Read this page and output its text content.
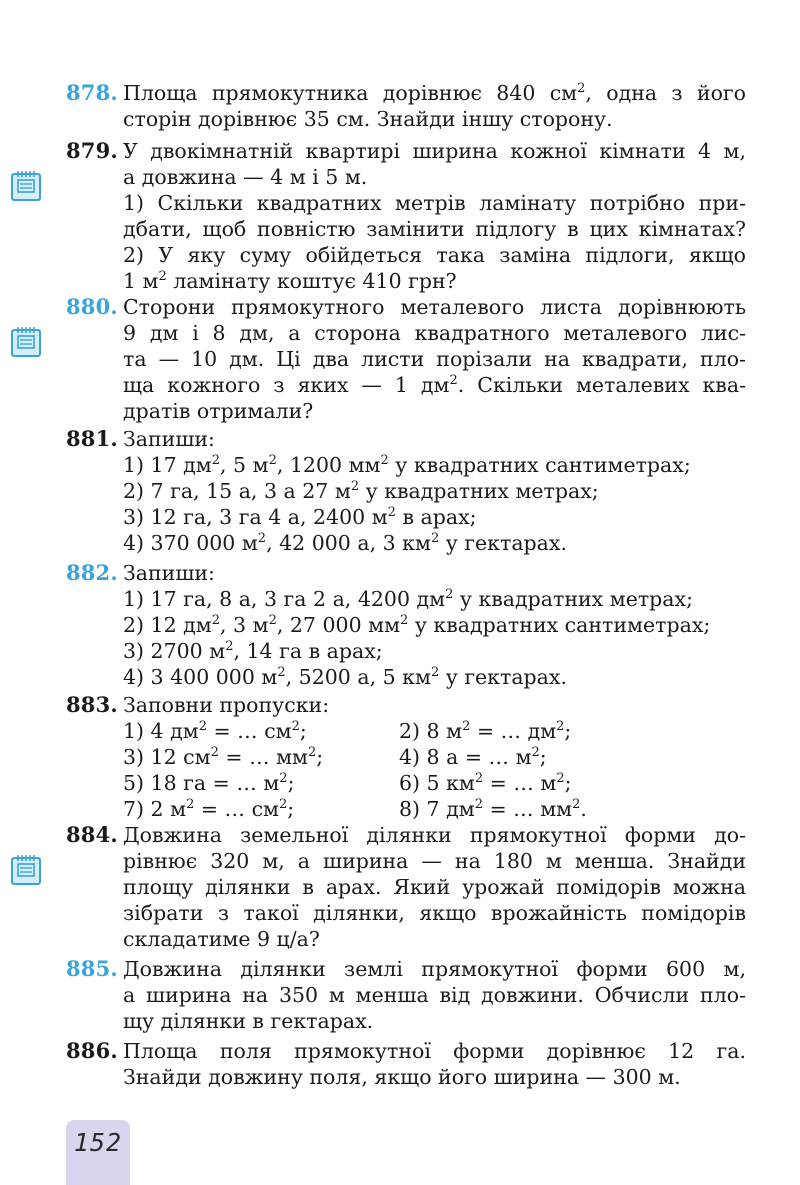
878. Площа прямокутника дорівнює 840 $см^2$, одна з його
сторін дорівнює 35 см. Знайди іншу сторону.
879. У двокімнатній квартирі ширина кожної кімнати 4 м,
а довжина — 4 м і 5 м.
1) Скільки квадратних метрів ламінату потрібно при-
дбати, щоб повністю замінити підлогу в цих кімнатах?
2) У яку суму обійдеться така заміна підлоги, якщо
1 $м^2$ ламінату коштує 410 грн?
880. Сторони прямокутного металевого листа дорівнюють
9 дм і 8 дм, а сторона квадратного металевого лис-
та — 10 дм. Ці два листи порізали на квадрати, пло-
ща кожного з яких — 1 $дм^2$. Скільки металевих ква-
дратів отримали?
881. Запиши:
1) 17 $дм^2$, 5 $м^2$, 1200 $мм^2$ у квадратних сантиметрах;
2) 7 га, 15 а, 3 а 27 $м^2$ у квадратних метрах;
3) 12 га, 3 га 4 а, 2400 $м^2$ в арах;
4) 370 000 $м^2$, 42 000 а, 3 $км^2$ у гектарах.
882. Запиши:
1) 17 га, 8 а, 3 га 2 а, 4200 $дм^2$ у квадратних метрах;
2) 12 $дм^2$, 3 $м^2$, 27 000 $мм^2$ у квадратних сантиметрах;
3) 2700 $м^2$, 14 га в арах;
4) 3 400 000 $м^2$, 5200 а, 5 $км^2$ у гектарах.
883. Заповни пропуски:
1) 4 $дм^2$ = … $см^2$;	2) 8 $м^2$ = … $дм^2$;
3) 12 $см^2$ = … $мм^2$;	4) 8 а = … $м^2$;
5) 18 га = … $м^2$;	6) 5 $км^2$ = … $м^2$;
7) 2 $м^2$ = … $см^2$;	8) 7 $дм^2$ = … $мм^2$.
884. Довжина земельної ділянки прямокутної форми до-
рівнює 320 м, а ширина — на 180 м менша. Знайди
площу ділянки в арах. Який урожай помідорів можна
зібрати з такої ділянки, якщо врожайність помідорів
складатиме 9 ц/а?
885. Довжина ділянки землі прямокутної форми 600 м,
а ширина на 350 м менша від довжини. Обчисли пло-
щу ділянки в гектарах.
886. Площа поля прямокутної форми дорівнює 12 га.
Знайди довжину поля, якщо його ширина — 300 м.
152
